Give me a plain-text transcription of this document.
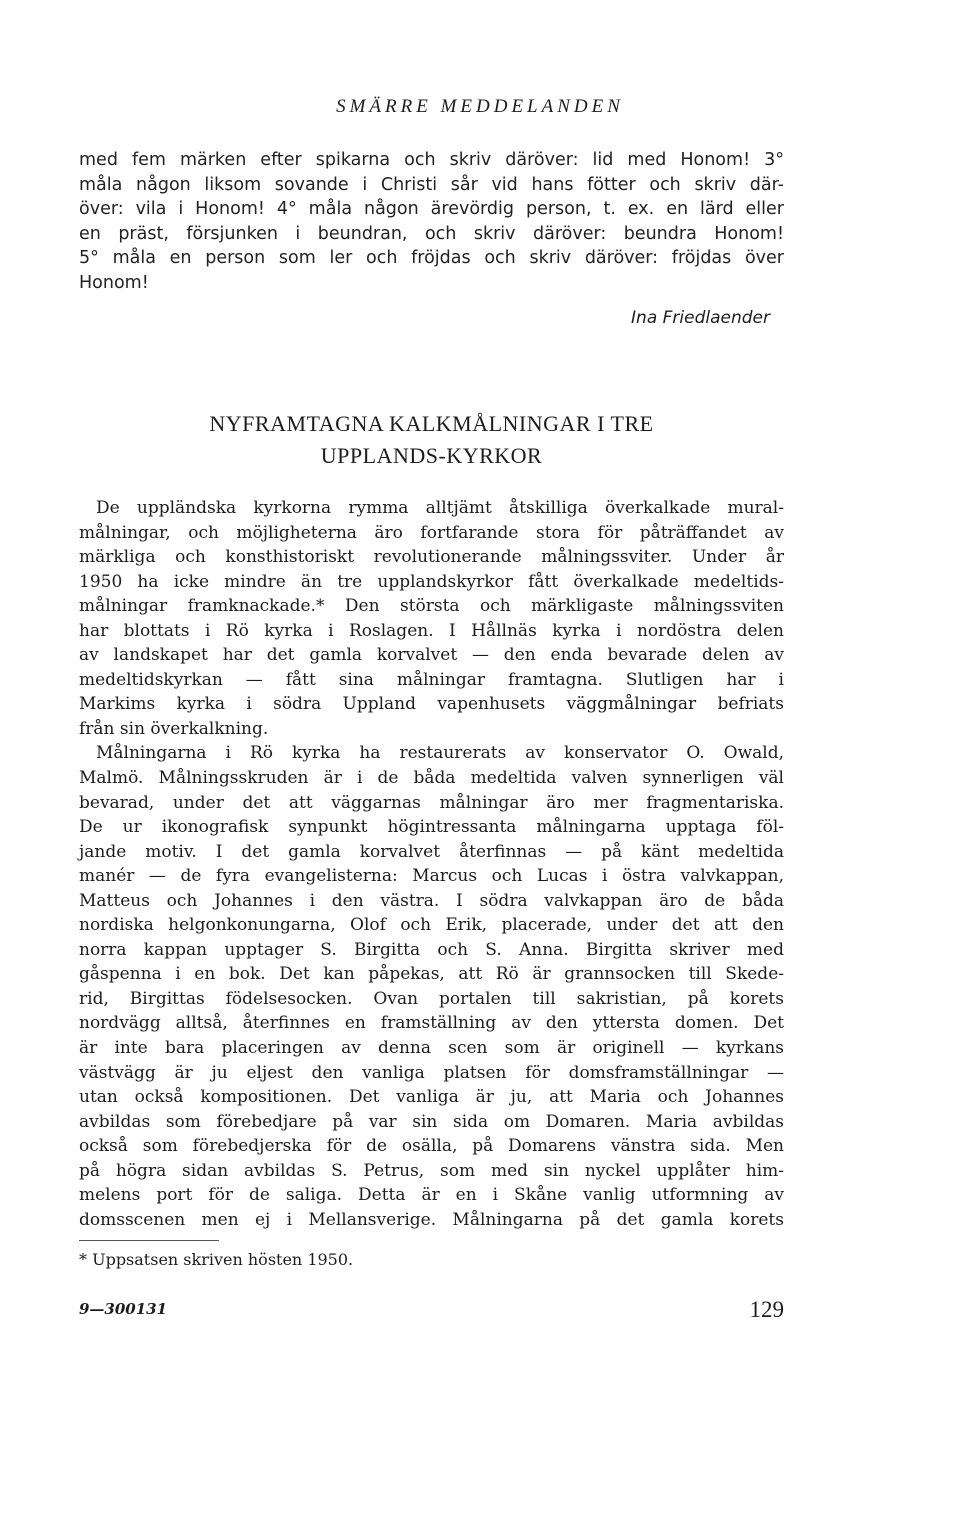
SMÄRRE MEDDELANDEN
med fem märken efter spikarna och skriv däröver: lid med Honom! 3°
måla någon liksom sovande i Christi sår vid hans fötter och skriv där-
över: vila i Honom! 4° måla någon ärevördig person, t. ex. en lärd eller
en präst, försjunken i beundran, och skriv däröver: beundra Honom!
5° måla en person som ler och fröjdas och skriv däröver: fröjdas över
Honom!
Ina Friedlaender
NYFRAMTAGNA KALKMÅLNINGAR I TRE
UPPLANDS-KYRKOR
De uppländska kyrkorna rymma alltjämt åtskilliga överkalkade mural-
målningar, och möjligheterna äro fortfarande stora för påträffandet av
märkliga och konsthistoriskt revolutionerande målningssviter. Under år
1950 ha icke mindre än tre upplandskyrkor fått överkalkade medeltids-
målningar framknackade.* Den största och märkligaste målningssviten
har blottats i Rö kyrka i Roslagen. I Hållnäs kyrka i nordöstra delen
av landskapet har det gamla korvalvet — den enda bevarade delen av
medeltidskyrkan — fått sina målningar framtagna. Slutligen har i
Markims kyrka i södra Uppland vapenhusets väggmålningar befriats
från sin överkalkning.
Målningarna i Rö kyrka ha restaurerats av konservator O. Owald,
Malmö. Målningsskruden är i de båda medeltida valven synnerligen väl
bevarad, under det att väggarnas målningar äro mer fragmentariska.
De ur ikonografisk synpunkt högintressanta målningarna upptaga föl-
jande motiv. I det gamla korvalvet återfinnas — på känt medeltida
manér — de fyra evangelisterna: Marcus och Lucas i östra valvkappan,
Matteus och Johannes i den västra. I södra valvkappan äro de båda
nordiska helgonkonungarna, Olof och Erik, placerade, under det att den
norra kappan upptager S. Birgitta och S. Anna. Birgitta skriver med
gåspenna i en bok. Det kan påpekas, att Rö är grannsocken till Skede-
rid, Birgittas födelsesocken. Ovan portalen till sakristian, på korets
nordvägg alltså, återfinnes en framställning av den yttersta domen. Det
är inte bara placeringen av denna scen som är originell — kyrkans
västvägg är ju eljest den vanliga platsen för domsframställningar —
utan också kompositionen. Det vanliga är ju, att Maria och Johannes
avbildas som förebedjare på var sin sida om Domaren. Maria avbildas
också som förebedjerska för de osälla, på Domarens vänstra sida. Men
på högra sidan avbildas S. Petrus, som med sin nyckel upplåter him-
melens port för de saliga. Detta är en i Skåne vanlig utformning av
domsscenen men ej i Mellansverige. Målningarna på det gamla korets
* Uppsatsen skriven hösten 1950.
9—300131	129
